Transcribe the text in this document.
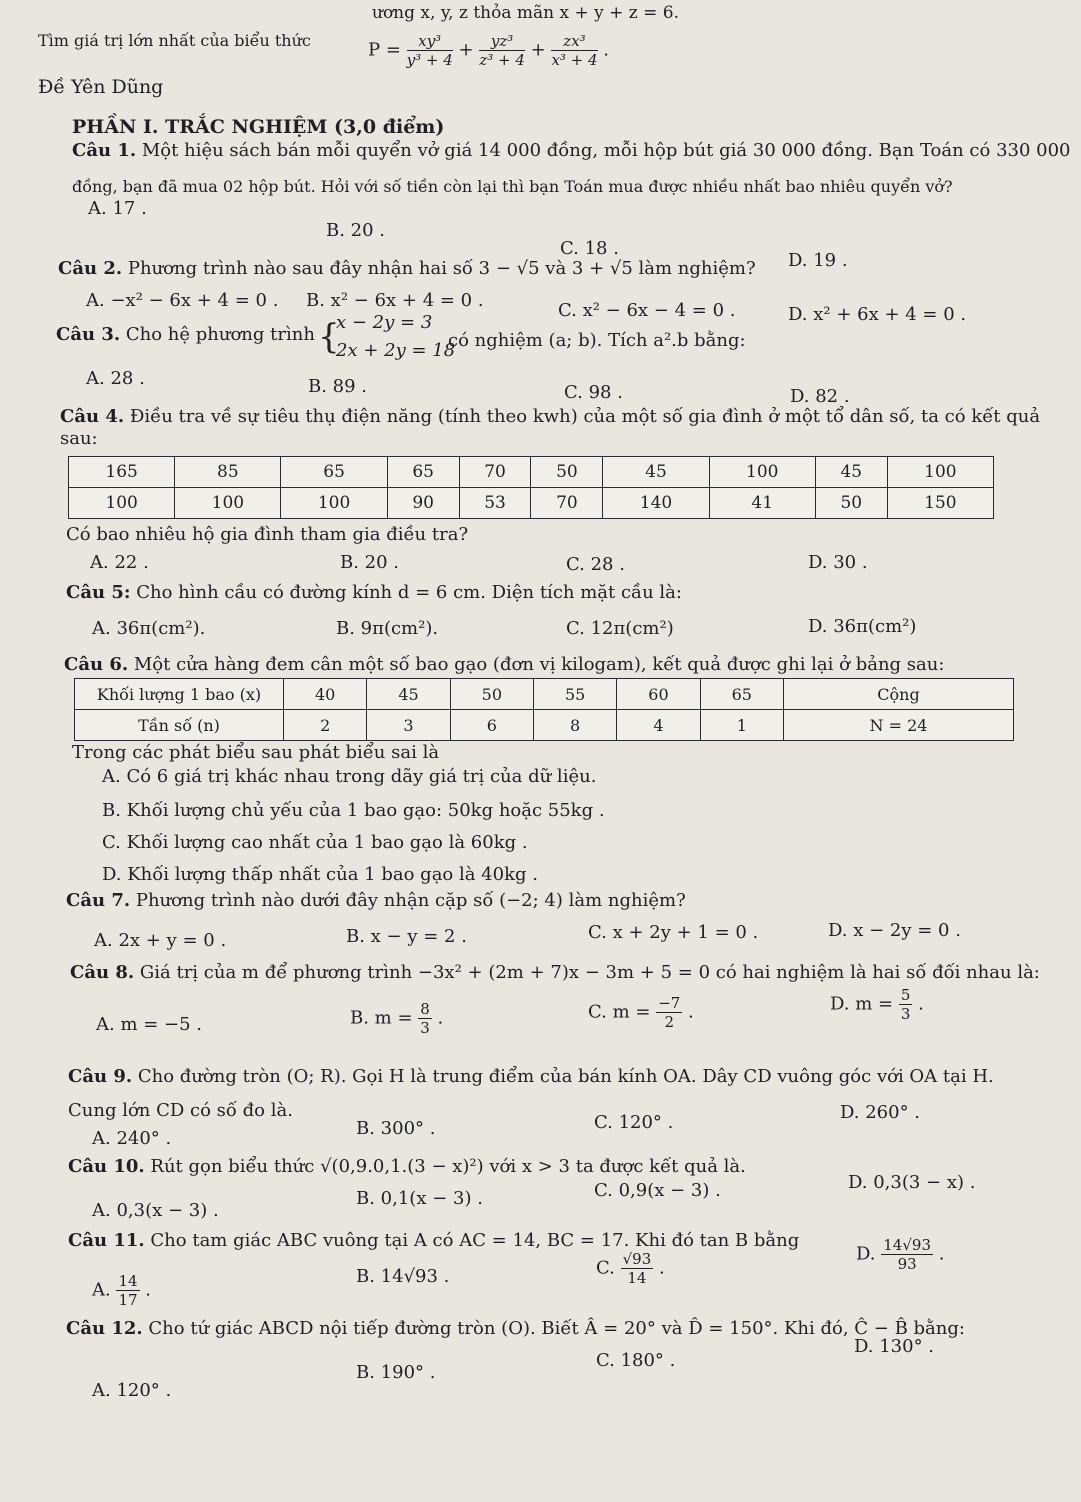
ương x, y, z thỏa mãn x + y + z = 6.
Tìm giá trị lớn nhất của biểu thức	$P = \frac{\text{xy³}}{\text{y³ + 4}} + \frac{\text{yz³}}{\text{z³ + 4}} + \frac{\text{zx³}}{\text{x³ + 4}}$ .
Đề Yên Dũng
PHẦN I. TRẮC NGHIỆM (3,0 điểm)
Câu 1. Một hiệu sách bán mỗi quyển vở giá 14 000 đồng, mỗi hộp bút giá 30 000 đồng. Bạn Toán có 330 000
đồng, bạn đã mua 02 hộp bút. Hỏi với số tiền còn lại thì bạn Toán mua được nhiều nhất bao nhiêu quyển vở?
A. 17 .
B. 20 .
C. 18 .
D. 19 .
Câu 2. Phương trình nào sau đây nhận hai số 3 − √5 và 3 + √5 làm nghiệm?
A. −x² − 6x + 4 = 0 . B. x² − 6x + 4 = 0 .	C. x² − 6x − 4 = 0 .	D. x² + 6x + 4 = 0 .
Câu 3. Cho hệ phương trình {
x − 2y = 3
2x + 2y = 18
có nghiệm (a; b). Tích a².b bằng:
A. 28 .	B. 89 .	C. 98 .	D. 82 .
Câu 4. Điều tra về sự tiêu thụ điện năng (tính theo kwh) của một số gia đình ở một tổ dân số, ta có kết quả
sau:
165	85	65	65	70	50	45	100	45	100
100	100	100	90	53	70	140	41	50	150
Có bao nhiêu hộ gia đình tham gia điều tra?
A. 22 .	B. 20 .	C. 28 .	D. 30 .
Câu 5: Cho hình cầu có đường kính d = 6 cm. Diện tích mặt cầu là:
A. 36π(cm²).	B. 9π(cm²).	C. 12π(cm²)	D. 36π(cm²)
Câu 6. Một cửa hàng đem cân một số bao gạo (đơn vị kilogam), kết quả được ghi lại ở bảng sau:
Khối lượng 1 bao (x)	40	45	50	55	60	65	Cộng
Tần số (n)	2	3	6	8	4	1	N = 24
Trong các phát biểu sau phát biểu sai là
A. Có 6 giá trị khác nhau trong dãy giá trị của dữ liệu.
B. Khối lượng chủ yếu của 1 bao gạo: 50kg hoặc 55kg .
C. Khối lượng cao nhất của 1 bao gạo là 60kg .
D. Khối lượng thấp nhất của 1 bao gạo là 40kg .
Câu 7. Phương trình nào dưới đây nhận cặp số (−2; 4) làm nghiệm?
A. 2x + y = 0 .	B. x − y = 2 .	C. x + 2y + 1 = 0 .	D. x − 2y = 0 .
Câu 8. Giá trị của m để phương trình −3x² + (2m + 7)x − 3m + 5 = 0 có hai nghiệm là hai số đối nhau là:
A. m = −5 .	B. $m = \frac{8}{3}$ .	C. $m = \frac{-7}{2}$ .	D. $m = \frac{5}{3}$ .
Câu 9. Cho đường tròn (O; R). Gọi H là trung điểm của bán kính OA. Dây CD vuông góc với OA tại H.
Cung lớn CD có số đo là.
A. 240° .	B. 300° .	C. 120° .	D. 260° .
Câu 10. Rút gọn biểu thức √(0,9.0,1.(3 − x)²) với x > 3 ta được kết quả là.
A. 0,3(x − 3) .
B. 0,1(x − 3) .	C. 0,9(x − 3) .	D. 0,3(3 − x) .
Câu 11. Cho tam giác ABC vuông tại A có AC = 14, BC = 17. Khi đó tan B bằng
A. $\frac{14}{17}$ .
B. 14√93 .	C. $\frac{√93}{14}$ .
D. $\frac{14√93}{93}$ .
Câu 12. Cho tứ giác ABCD nội tiếp đường tròn (O). Biết Â = 20° và D̂ = 150°. Khi đó, Ĉ − B̂ bằng:
A. 120° .
B. 190° .
C. 180° .
D. 130° .
